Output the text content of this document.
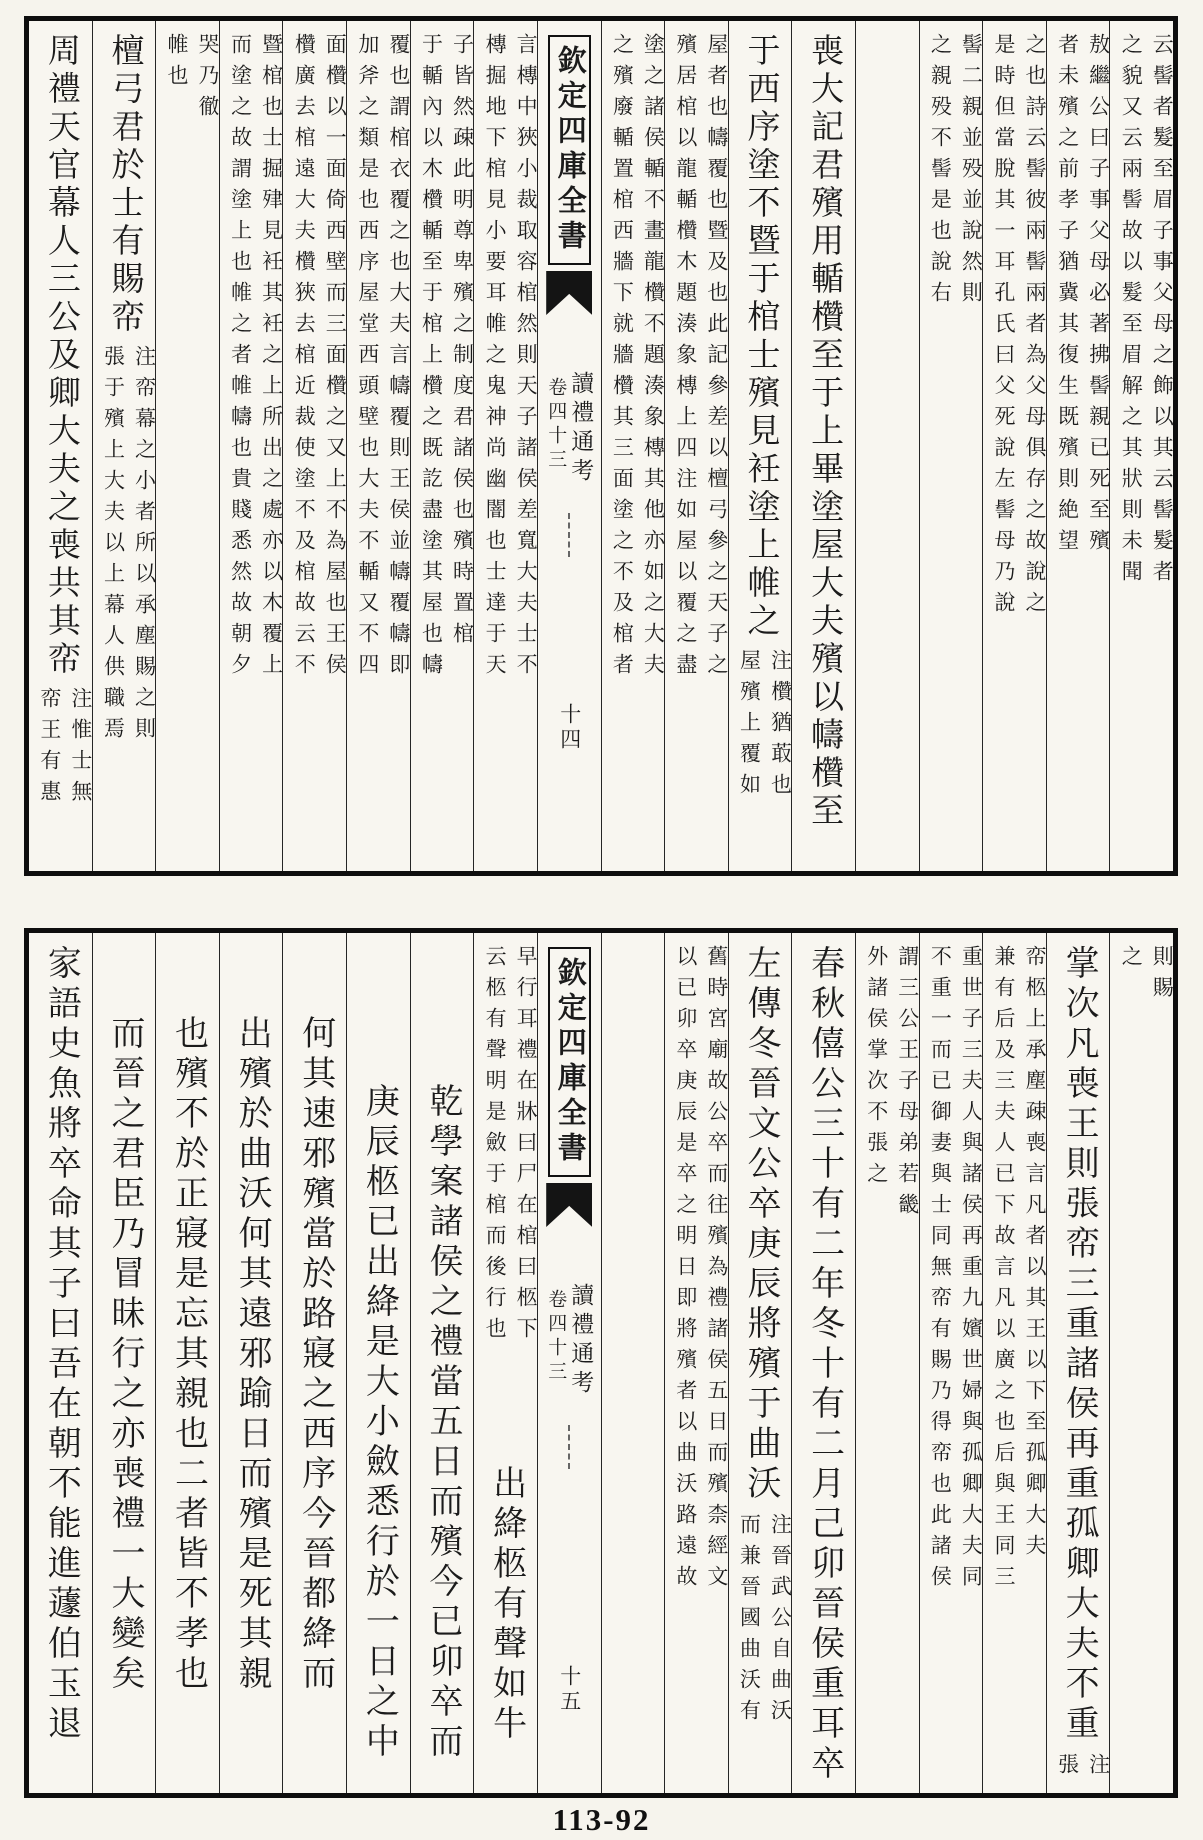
云髻者髮至眉子事父母之飾以其云髻髮者
之貌又云兩髻故以髮至眉解之其狀則未聞
敖繼公曰子事父母必著拂髻親已死至殯
者未殯之前孝子猶冀其復生既殯則絶望
之也詩云髻彼兩髻兩者為父母俱存之故說之
是時但當脫其一耳孔氏曰父死說左髻母乃說
髻二親並殁並說然則
之親殁不髻是也說右
喪大記君殯用輴欑至于上畢塗屋大夫殯以幬欑至
于西序塗不暨于棺士殯見衽塗上帷之
注欑猶菆也
屋殯上覆如
屋者也幬覆也暨及也此記參差以檀弓參之天子之
殯居棺以龍輴欑木題湊象槫上四注如屋以覆之盡
塗之諸侯輴不畫龍欑不題湊象槫其他亦如之大夫
之殯廢輴置棺西牆下就牆欑其三面塗之不及棺者
欽定四庫全書
讀禮通考
卷四十三
十四
言槫中狹小裁取容棺然則天子諸侯差寬大夫士不
槫掘地下棺見小要耳帷之鬼神尚幽闇也士達于天
子皆然疎此明尊卑殯之制度君諸侯也殯時置棺
于輴內以木欑輴至于棺上欑之既訖盡塗其屋也幬
覆也謂棺衣覆之也大夫言幬覆則王侯並幬覆幬即
加斧之類是也西序屋堂西頭壁也大夫不輴又不四
面欑以一面倚西壁而三面欑之又上不為屋也王侯
欑廣去棺遠大夫欑狹去棺近裁使塗不及棺故云不
暨棺也士掘肂見衽其衽之上所出之處亦以木覆上
而塗之故謂塗上也帷之者帷幬也貴賤悉然故朝夕
哭乃徹
帷也
檀弓君於士有賜帟
注帟幕之小者所以承塵賜之則
張于殯上大夫以上幕人供職焉
周禮天官幕人三公及卿大夫之喪共其帟
注惟士無
帟王有惠
則賜
之
掌次凡喪王則張帟三重諸侯再重孤卿大夫不重
注
張
帟柩上承塵疎喪言凡者以其王以下至孤卿大夫
兼有后及三夫人已下故言凡以廣之也后與王同三
重世子三夫人與諸侯再重九嬪世婦與孤卿大夫同
不重一而已御妻與士同無帟有賜乃得帟也此諸侯
謂三公王子母弟若畿
外諸侯掌次不張之
春秋僖公三十有二年冬十有二月己卯晉侯重耳卒
左傳冬晉文公卒庚辰將殯于曲沃
注晉武公自曲沃
而兼晉國曲沃有
舊時宮廟故公卒而往殯為禮諸侯五日而殯柰經文
以已卯卒庚辰是卒之明日即將殯者以曲沃路遠故
欽定四庫全書
讀禮通考
卷四十三
十五
早行耳禮在牀曰尸在棺曰柩下
云柩有聲明是斂于棺而後行也
出絳柩有聲如牛
乾學案諸侯之禮當五日而殯今已卯卒而
庚辰柩已出絳是大小斂悉行於一日之中
何其速邪殯當於路寢之西序今晉都絳而
出殯於曲沃何其遠邪踰日而殯是死其親
也殯不於正寢是忘其親也二者皆不孝也
而晉之君臣乃冒昧行之亦喪禮一大變矣
家語史魚將卒命其子曰吾在朝不能進蘧伯玉退
113-92
